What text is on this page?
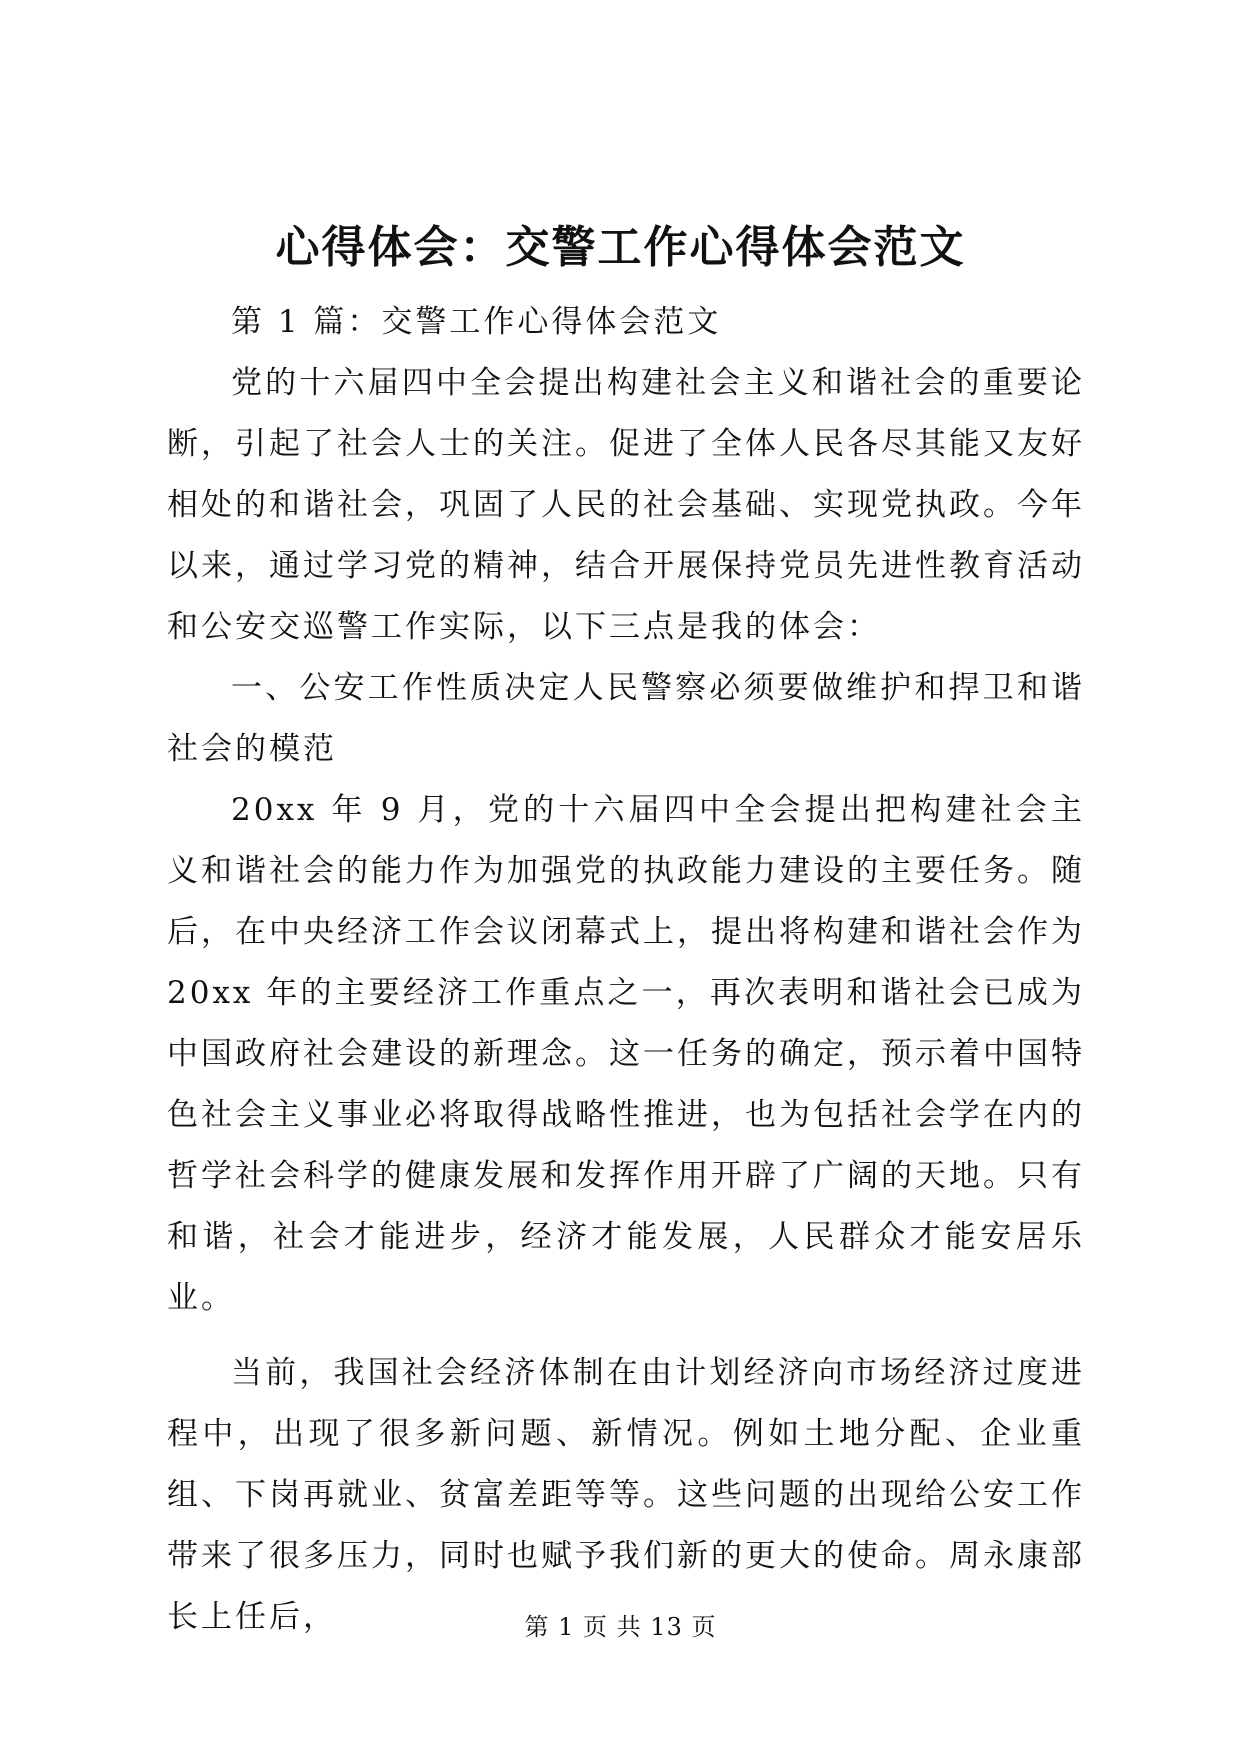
心得体会：交警工作心得体会范文

第 1 篇：交警工作心得体会范文

党的十六届四中全会提出构建社会主义和谐社会的重要论断，引起了社会人士的关注。促进了全体人民各尽其能又友好相处的和谐社会，巩固了人民的社会基础、实现党执政。今年以来，通过学习党的精神，结合开展保持党员先进性教育活动和公安交巡警工作实际，以下三点是我的体会：

一、公安工作性质决定人民警察必须要做维护和捍卫和谐社会的模范

20xx 年 9 月，党的十六届四中全会提出把构建社会主义和谐社会的能力作为加强党的执政能力建设的主要任务。随后，在中央经济工作会议闭幕式上，提出将构建和谐社会作为 20xx 年的主要经济工作重点之一，再次表明和谐社会已成为中国政府社会建设的新理念。这一任务的确定，预示着中国特色社会主义事业必将取得战略性推进，也为包括社会学在内的哲学社会科学的健康发展和发挥作用开辟了广阔的天地。只有和谐，社会才能进步，经济才能发展，人民群众才能安居乐业。

当前，我国社会经济体制在由计划经济向市场经济过度进程中，出现了很多新问题、新情况。例如土地分配、企业重组、下岗再就业、贫富差距等等。这些问题的出现给公安工作带来了很多压力，同时也赋予我们新的更大的使命。周永康部长上任后，	第 1 页 共 13 页
